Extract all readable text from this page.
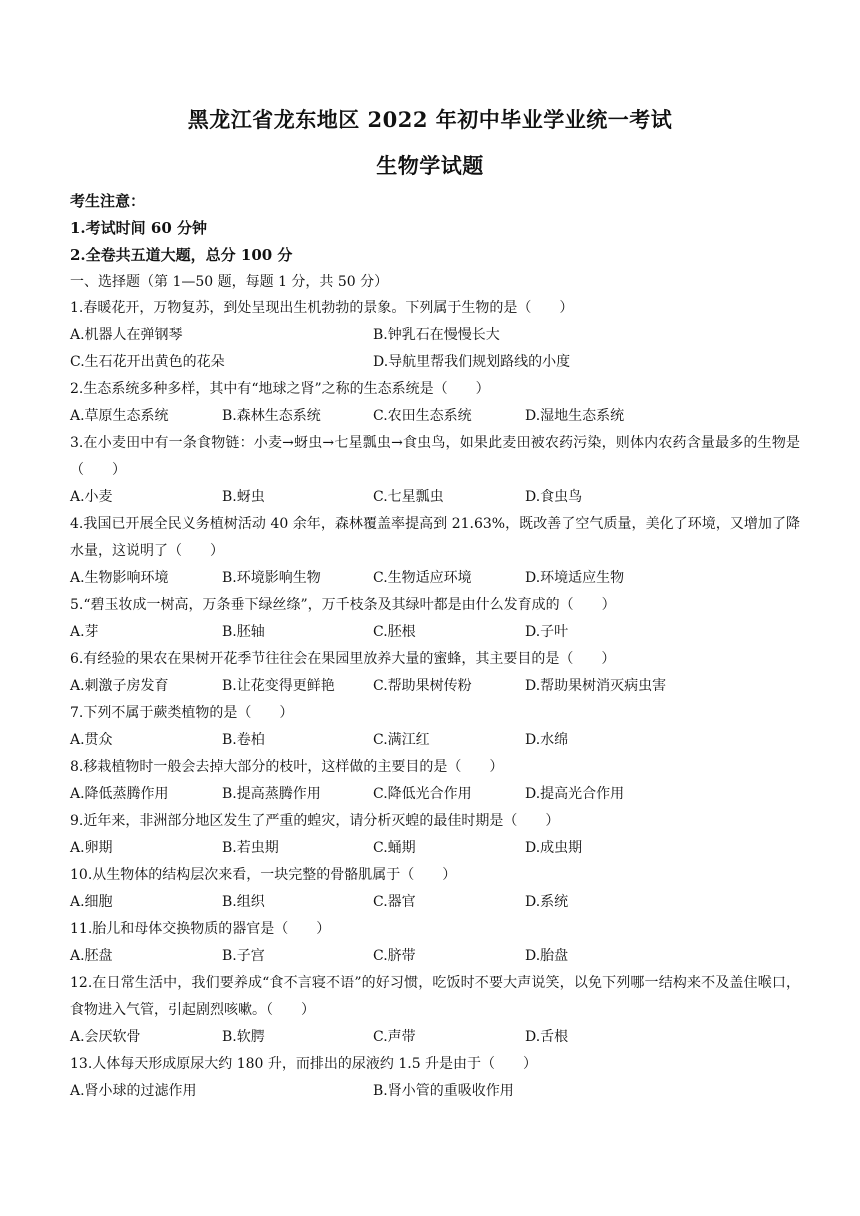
黑龙江省龙东地区 2022 年初中毕业学业统一考试
生物学试题
考生注意：
1.考试时间 60 分钟
2.全卷共五道大题，总分 100 分
一、选择题（第 1—50 题，每题 1 分，共 50 分）

1.春暖花开，万物复苏，到处呈现出生机勃勃的景象。下列属于生物的是（　　）

A.机器人在弹钢琴	B.钟乳石在慢慢长大
C.生石花开出黄色的花朵	D.导航里帮我们规划路线的小度

2.生态系统多种多样，其中有“地球之肾”之称的生态系统是（　　）

A.草原生态系统	B.森林生态系统	C.农田生态系统	D.湿地生态系统

3.在小麦田中有一条食物链：小麦→蚜虫→七星瓢虫→食虫鸟，如果此麦田被农药污染，则体内农药含量最多的生物是（　　）

A.小麦	B.蚜虫	C.七星瓢虫	D.食虫鸟

4.我国已开展全民义务植树活动 40 余年，森林覆盖率提高到 21.63%，既改善了空气质量，美化了环境，又增加了降水量，这说明了（　　）

A.生物影响环境	B.环境影响生物	C.生物适应环境	D.环境适应生物

5.“碧玉妆成一树高，万条垂下绿丝绦”，万千枝条及其绿叶都是由什么发育成的（　　）

A.芽	B.胚轴	C.胚根	D.子叶

6.有经验的果农在果树开花季节往往会在果园里放养大量的蜜蜂，其主要目的是（　　）

A.刺激子房发育	B.让花变得更鲜艳	C.帮助果树传粉	D.帮助果树消灭病虫害

7.下列不属于蕨类植物的是（　　）

A.贯众	B.卷柏	C.满江红	D.水绵

8.移栽植物时一般会去掉大部分的枝叶，这样做的主要目的是（　　）

A.降低蒸腾作用	B.提高蒸腾作用	C.降低光合作用	D.提高光合作用

9.近年来，非洲部分地区发生了严重的蝗灾，请分析灭蝗的最佳时期是（　　）

A.卵期	B.若虫期	C.蛹期	D.成虫期

10.从生物体的结构层次来看，一块完整的骨骼肌属于（　　）

A.细胞	B.组织	C.器官	D.系统

11.胎儿和母体交换物质的器官是（　　）

A.胚盘	B.子宫	C.脐带	D.胎盘

12.在日常生活中，我们要养成“食不言寝不语”的好习惯，吃饭时不要大声说笑，以免下列哪一结构来不及盖住喉口，食物进入气管，引起剧烈咳嗽。（　　）

A.会厌软骨	B.软腭	C.声带	D.舌根

13.人体每天形成原尿大约 180 升，而排出的尿液约 1.5 升是由于（　　）

A.肾小球的过滤作用	B.肾小管的重吸收作用
